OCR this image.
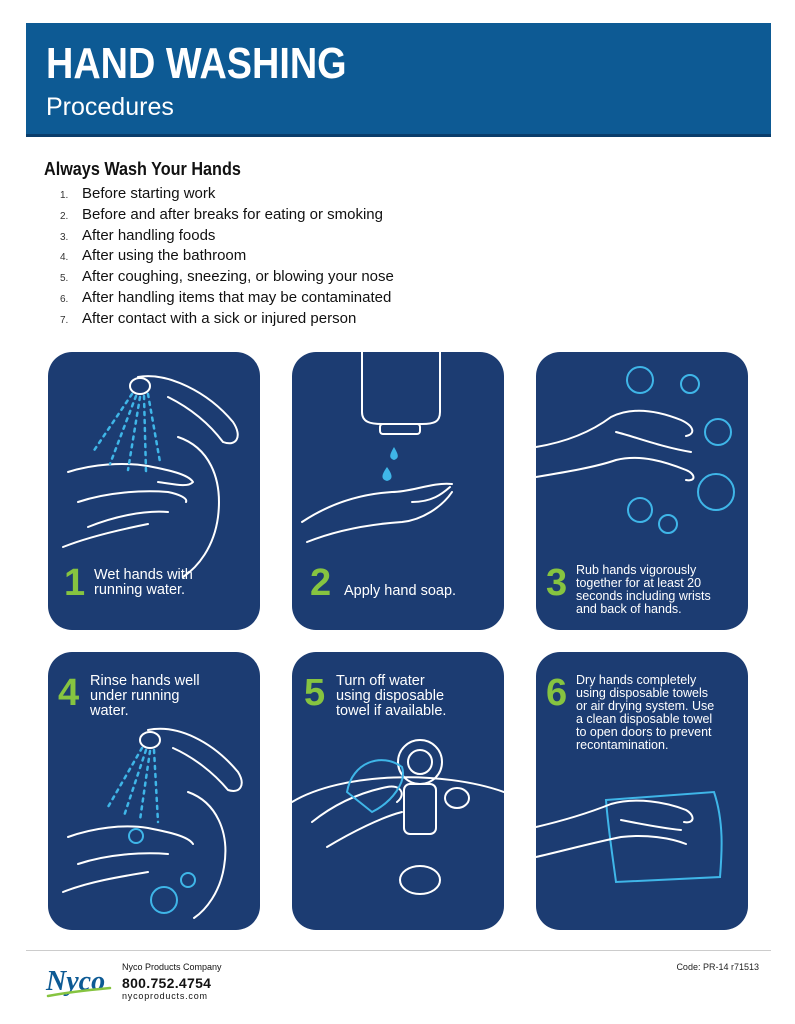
HAND WASHING
Procedures
Always Wash Your Hands
1. Before starting work
2. Before and after breaks for eating or smoking
3. After handling foods
4. After using the bathroom
5. After coughing, sneezing, or blowing your nose
6. After handling items that may be contaminated
7. After contact with a sick or injured person
1 Wet hands with
running water.	2 Apply hand soap. 3 Rub hands vigorously
together for at least 20
seconds including wrists
and back of hands.
4 Rinse hands well
under running
water.	5 Turn off water
using disposable
towel if available.	6 Dry hands completely
using disposable towels
or air drying system. Use
a clean disposable towel
to open doors to prevent
recontamination.
Nyco Nyco Products Company
800.752.4754
nycoproducts.com
Code: PR-14 r71513
